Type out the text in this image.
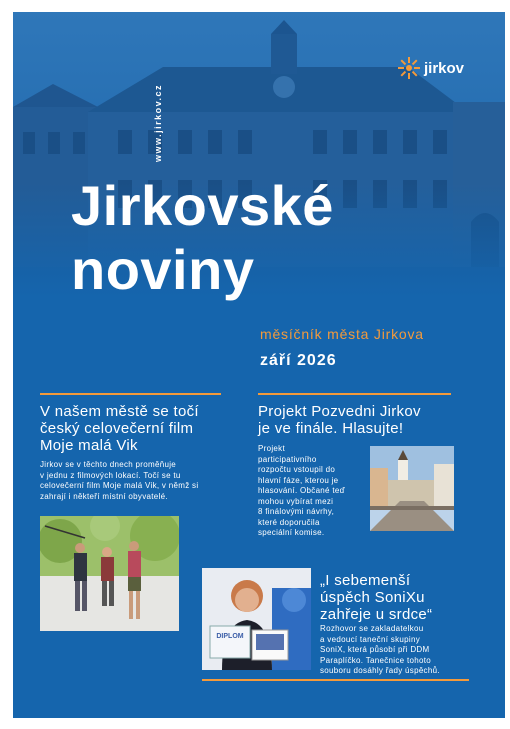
www.jirkov.cz
jirkov
Jirkovské
noviny
měsíčník města Jirkova
září 2026
V našem městě se točí
český celovečerní film
Moje malá Vik
Jirkov se v těchto dnech proměňuje
v jednu z filmových lokací. Točí se tu
celovečerní film Moje malá Vik, v němž si
zahrají i někteří místní obyvatelé.
Projekt Pozvedni Jirkov
je ve finále. Hlasujte!
Projekt
participativního
rozpočtu vstoupil do
hlavní fáze, kterou je
hlasování. Občané teď
mohou vybírat mezi
8 finálovými návrhy,
které doporučila
speciální komise.
DIPLOM
„I sebemenší
úspěch SoniXu
zahřeje u srdce“
Rozhovor se zakladatelkou
a vedoucí taneční skupiny
SoniX, která působí při DDM
Paraplíčko. Tanečnice tohoto
souboru dosáhly řady úspěchů.
